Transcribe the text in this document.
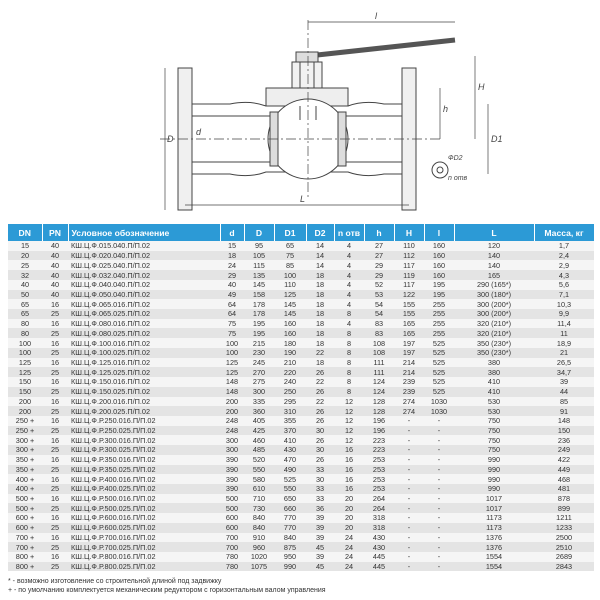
l
H
h
D1
D
d
L
ФD2
n отв
DN	PN	Условное обозначение	d	D	D1	D2	n отв	h	H	l	L	Масса, кг
15	40	КШ.Ц.Ф.015.040.П/П.02	15	95	65	14	4	27	110	160	120	1,7
20	40	КШ.Ц.Ф.020.040.П/П.02	18	105	75	14	4	27	112	160	140	2,4
25	40	КШ.Ц.Ф.025.040.П/П.02	24	115	85	14	4	29	117	160	140	2,9
32	40	КШ.Ц.Ф.032.040.П/П.02	29	135	100	18	4	29	119	160	165	4,3
40	40	КШ.Ц.Ф.040.040.П/П.02	40	145	110	18	4	52	117	195	290 (165*)	5,6
50	40	КШ.Ц.Ф.050.040.П/П.02	49	158	125	18	4	53	122	195	300 (180*)	7,1
65	16	КШ.Ц.Ф.065.016.П/П.02	64	178	145	18	4	54	155	255	300 (200*)	10,3
65	25	КШ.Ц.Ф.065.025.П/П.02	64	178	145	18	8	54	155	255	300 (200*)	9,9
80	16	КШ.Ц.Ф.080.016.П/П.02	75	195	160	18	4	83	165	255	320 (210*)	11,4
80	25	КШ.Ц.Ф.080.025.П/П.02	75	195	160	18	8	83	165	255	320 (210*)	11
100	16	КШ.Ц.Ф.100.016.П/П.02	100	215	180	18	8	108	197	525	350 (230*)	18,9
100	25	КШ.Ц.Ф.100.025.П/П.02	100	230	190	22	8	108	197	525	350 (230*)	21
125	16	КШ.Ц.Ф.125.016.П/П.02	125	245	210	18	8	111	214	525	380	26,5
125	25	КШ.Ц.Ф.125.025.П/П.02	125	270	220	26	8	111	214	525	380	34,7
150	16	КШ.Ц.Ф.150.016.П/П.02	148	275	240	22	8	124	239	525	410	39
150	25	КШ.Ц.Ф.150.025.П/П.02	148	300	250	26	8	124	239	525	410	44
200	16	КШ.Ц.Ф.200.016.П/П.02	200	335	295	22	12	128	274	1030	530	85
200	25	КШ.Ц.Ф.200.025.П/П.02	200	360	310	26	12	128	274	1030	530	91
250 +	16	КШ.Ц.Ф.Р.250.016.П/П.02	248	405	355	26	12	196	-	-	750	148
250 +	25	КШ.Ц.Ф.Р.250.025.П/П.02	248	425	370	30	12	196	-	-	750	150
300 +	16	КШ.Ц.Ф.Р.300.016.П/П.02	300	460	410	26	12	223	-	-	750	236
300 +	25	КШ.Ц.Ф.Р.300.025.П/П.02	300	485	430	30	16	223	-	-	750	249
350 +	16	КШ.Ц.Ф.Р.350.016.П/П.02	390	520	470	26	16	253	-	-	990	422
350 +	25	КШ.Ц.Ф.Р.350.025.П/П.02	390	550	490	33	16	253	-	-	990	449
400 +	16	КШ.Ц.Ф.Р.400.016.П/П.02	390	580	525	30	16	253	-	-	990	468
400 +	25	КШ.Ц.Ф.Р.400.025.П/П.02	390	610	550	33	16	253	-	-	990	481
500 +	16	КШ.Ц.Ф.Р.500.016.П/П.02	500	710	650	33	20	264	-	-	1017	878
500 +	25	КШ.Ц.Ф.Р.500.025.П/П.02	500	730	660	36	20	264	-	-	1017	899
600 +	16	КШ.Ц.Ф.Р.600.016.П/П.02	600	840	770	39	20	318	-	-	1173	1211
600 +	25	КШ.Ц.Ф.Р.600.025.П/П.02	600	840	770	39	20	318	-	-	1173	1233
700 +	16	КШ.Ц.Ф.Р.700.016.П/П.02	700	910	840	39	24	430	-	-	1376	2500
700 +	25	КШ.Ц.Ф.Р.700.025.П/П.02	700	960	875	45	24	430	-	-	1376	2510
800 +	16	КШ.Ц.Ф.Р.800.016.П/П.02	780	1020	950	39	24	445	-	-	1554	2689
800 +	25	КШ.Ц.Ф.Р.800.025.П/П.02	780	1075	990	45	24	445	-	-	1554	2843
* - возможно изготовление со строительной длиной под задвижку
+ - по умолчанию комплектуется механическим редуктором с горизонтальным валом управления
